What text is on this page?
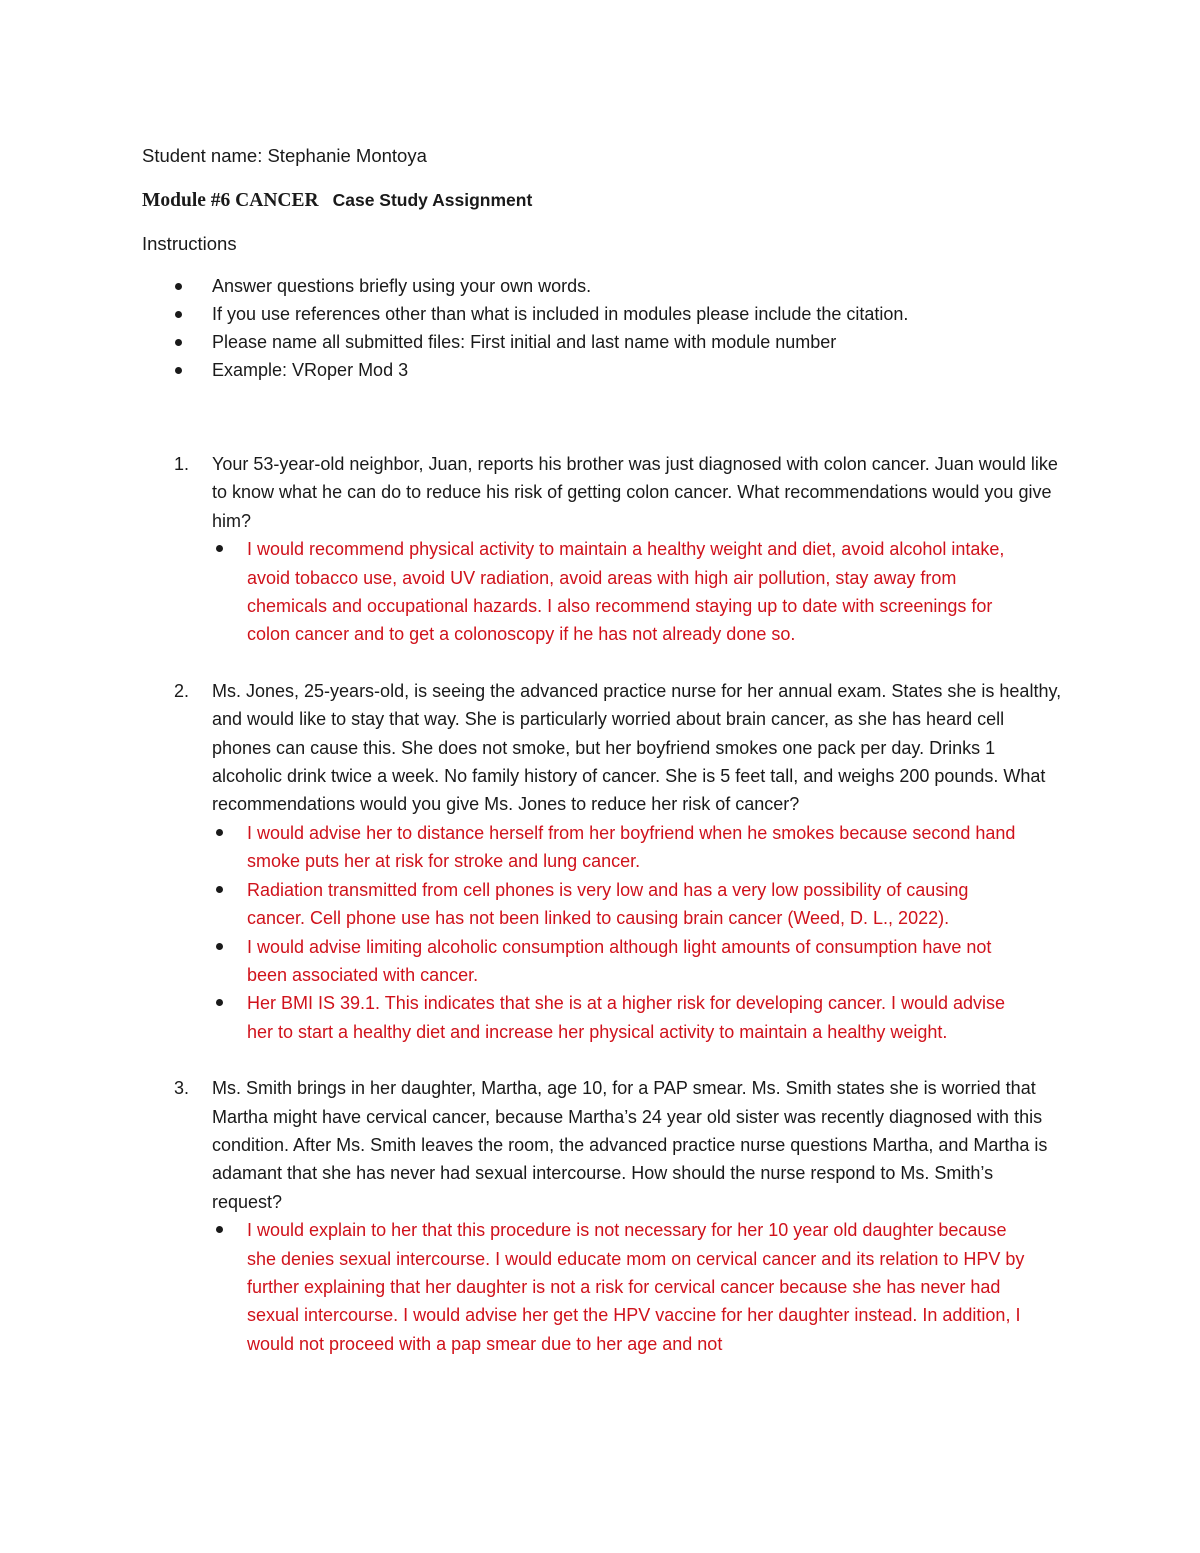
Student name: Stephanie Montoya

Module #6 CANCER Case Study Assignment

Instructions

Answer questions briefly using your own words.
If you use references other than what is included in modules please include the citation.
Please name all submitted files: First initial and last name with module number
Example: VRoper Mod 3
1. Your 53-year-old neighbor, Juan, reports his brother was just diagnosed with colon cancer. Juan would like to know what he can do to reduce his risk of getting colon cancer. What recommendations would you give him?
I would recommend physical activity to maintain a healthy weight and diet, avoid alcohol intake, avoid tobacco use, avoid UV radiation, avoid areas with high air pollution, stay away from chemicals and occupational hazards. I also recommend staying up to date with screenings for colon cancer and to get a colonoscopy if he has not already done so.
2. Ms. Jones, 25-years-old, is seeing the advanced practice nurse for her annual exam. States she is healthy, and would like to stay that way. She is particularly worried about brain cancer, as she has heard cell phones can cause this. She does not smoke, but her boyfriend smokes one pack per day. Drinks 1 alcoholic drink twice a week. No family history of cancer. She is 5 feet tall, and weighs 200 pounds. What recommendations would you give Ms. Jones to reduce her risk of cancer?
I would advise her to distance herself from her boyfriend when he smokes because second hand smoke puts her at risk for stroke and lung cancer.
Radiation transmitted from cell phones is very low and has a very low possibility of causing cancer. Cell phone use has not been linked to causing brain cancer (Weed, D. L., 2022).
I would advise limiting alcoholic consumption although light amounts of consumption have not been associated with cancer.
Her BMI IS 39.1. This indicates that she is at a higher risk for developing cancer. I would advise her to start a healthy diet and increase her physical activity to maintain a healthy weight.
3. Ms. Smith brings in her daughter, Martha, age 10, for a PAP smear. Ms. Smith states she is worried that Martha might have cervical cancer, because Martha’s 24 year old sister was recently diagnosed with this condition. After Ms. Smith leaves the room, the advanced practice nurse questions Martha, and Martha is adamant that she has never had sexual intercourse. How should the nurse respond to Ms. Smith’s request?
I would explain to her that this procedure is not necessary for her 10 year old daughter because she denies sexual intercourse. I would educate mom on cervical cancer and its relation to HPV by further explaining that her daughter is not a risk for cervical cancer because she has never had sexual intercourse. I would advise her get the HPV vaccine for her daughter instead. In addition, I would not proceed with a pap smear due to her age and not
